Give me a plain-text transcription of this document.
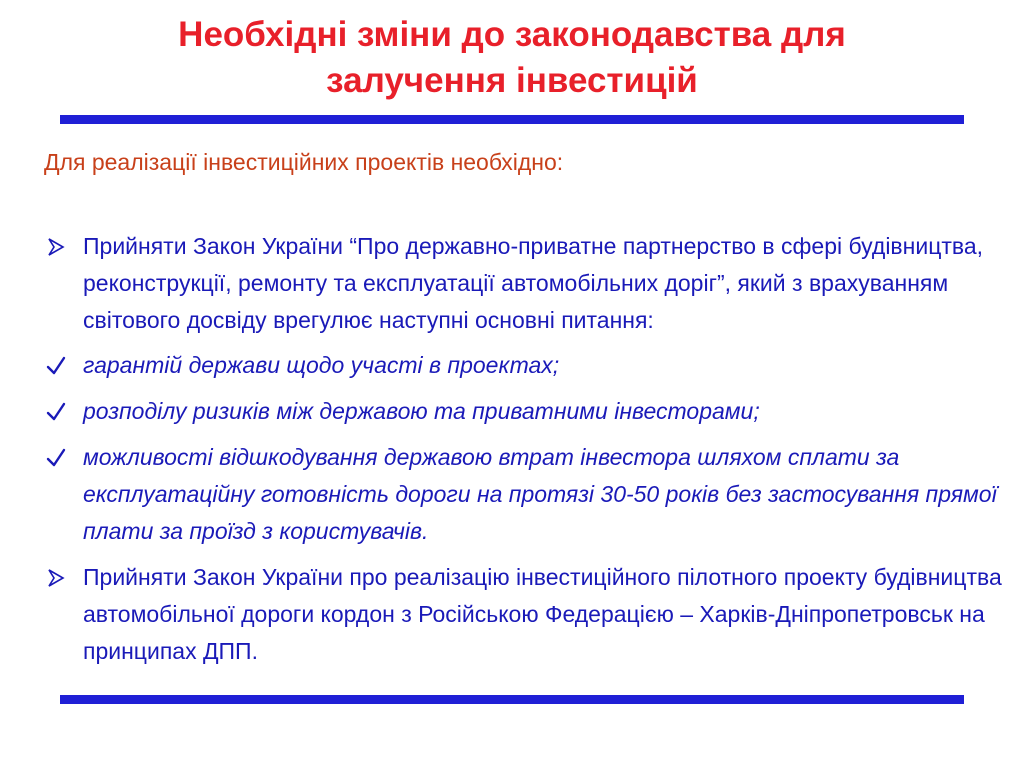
Необхідні зміни до законодавства для
залучення інвестицій

Для реалізації інвестиційних проектів необхідно:

Прийняти Закон України “Про державно-приватне партнерство в сфері будівництва, реконструкції, ремонту та експлуатації автомобільних доріг”, який з врахуванням світового досвіду врегулює наступні основні питання:
гарантій держави щодо участі в проектах;
розподілу ризиків між державою та приватними інвесторами;
можливості відшкодування державою втрат інвестора шляхом сплати за експлуатаційну готовність дороги на протязі 30-50 років без застосування прямої плати за проїзд з користувачів.
Прийняти Закон України про реалізацію інвестиційного пілотного проекту будівництва автомобільної дороги кордон з Російською Федерацією – Харків-Дніпропетровськ на принципах ДПП.
